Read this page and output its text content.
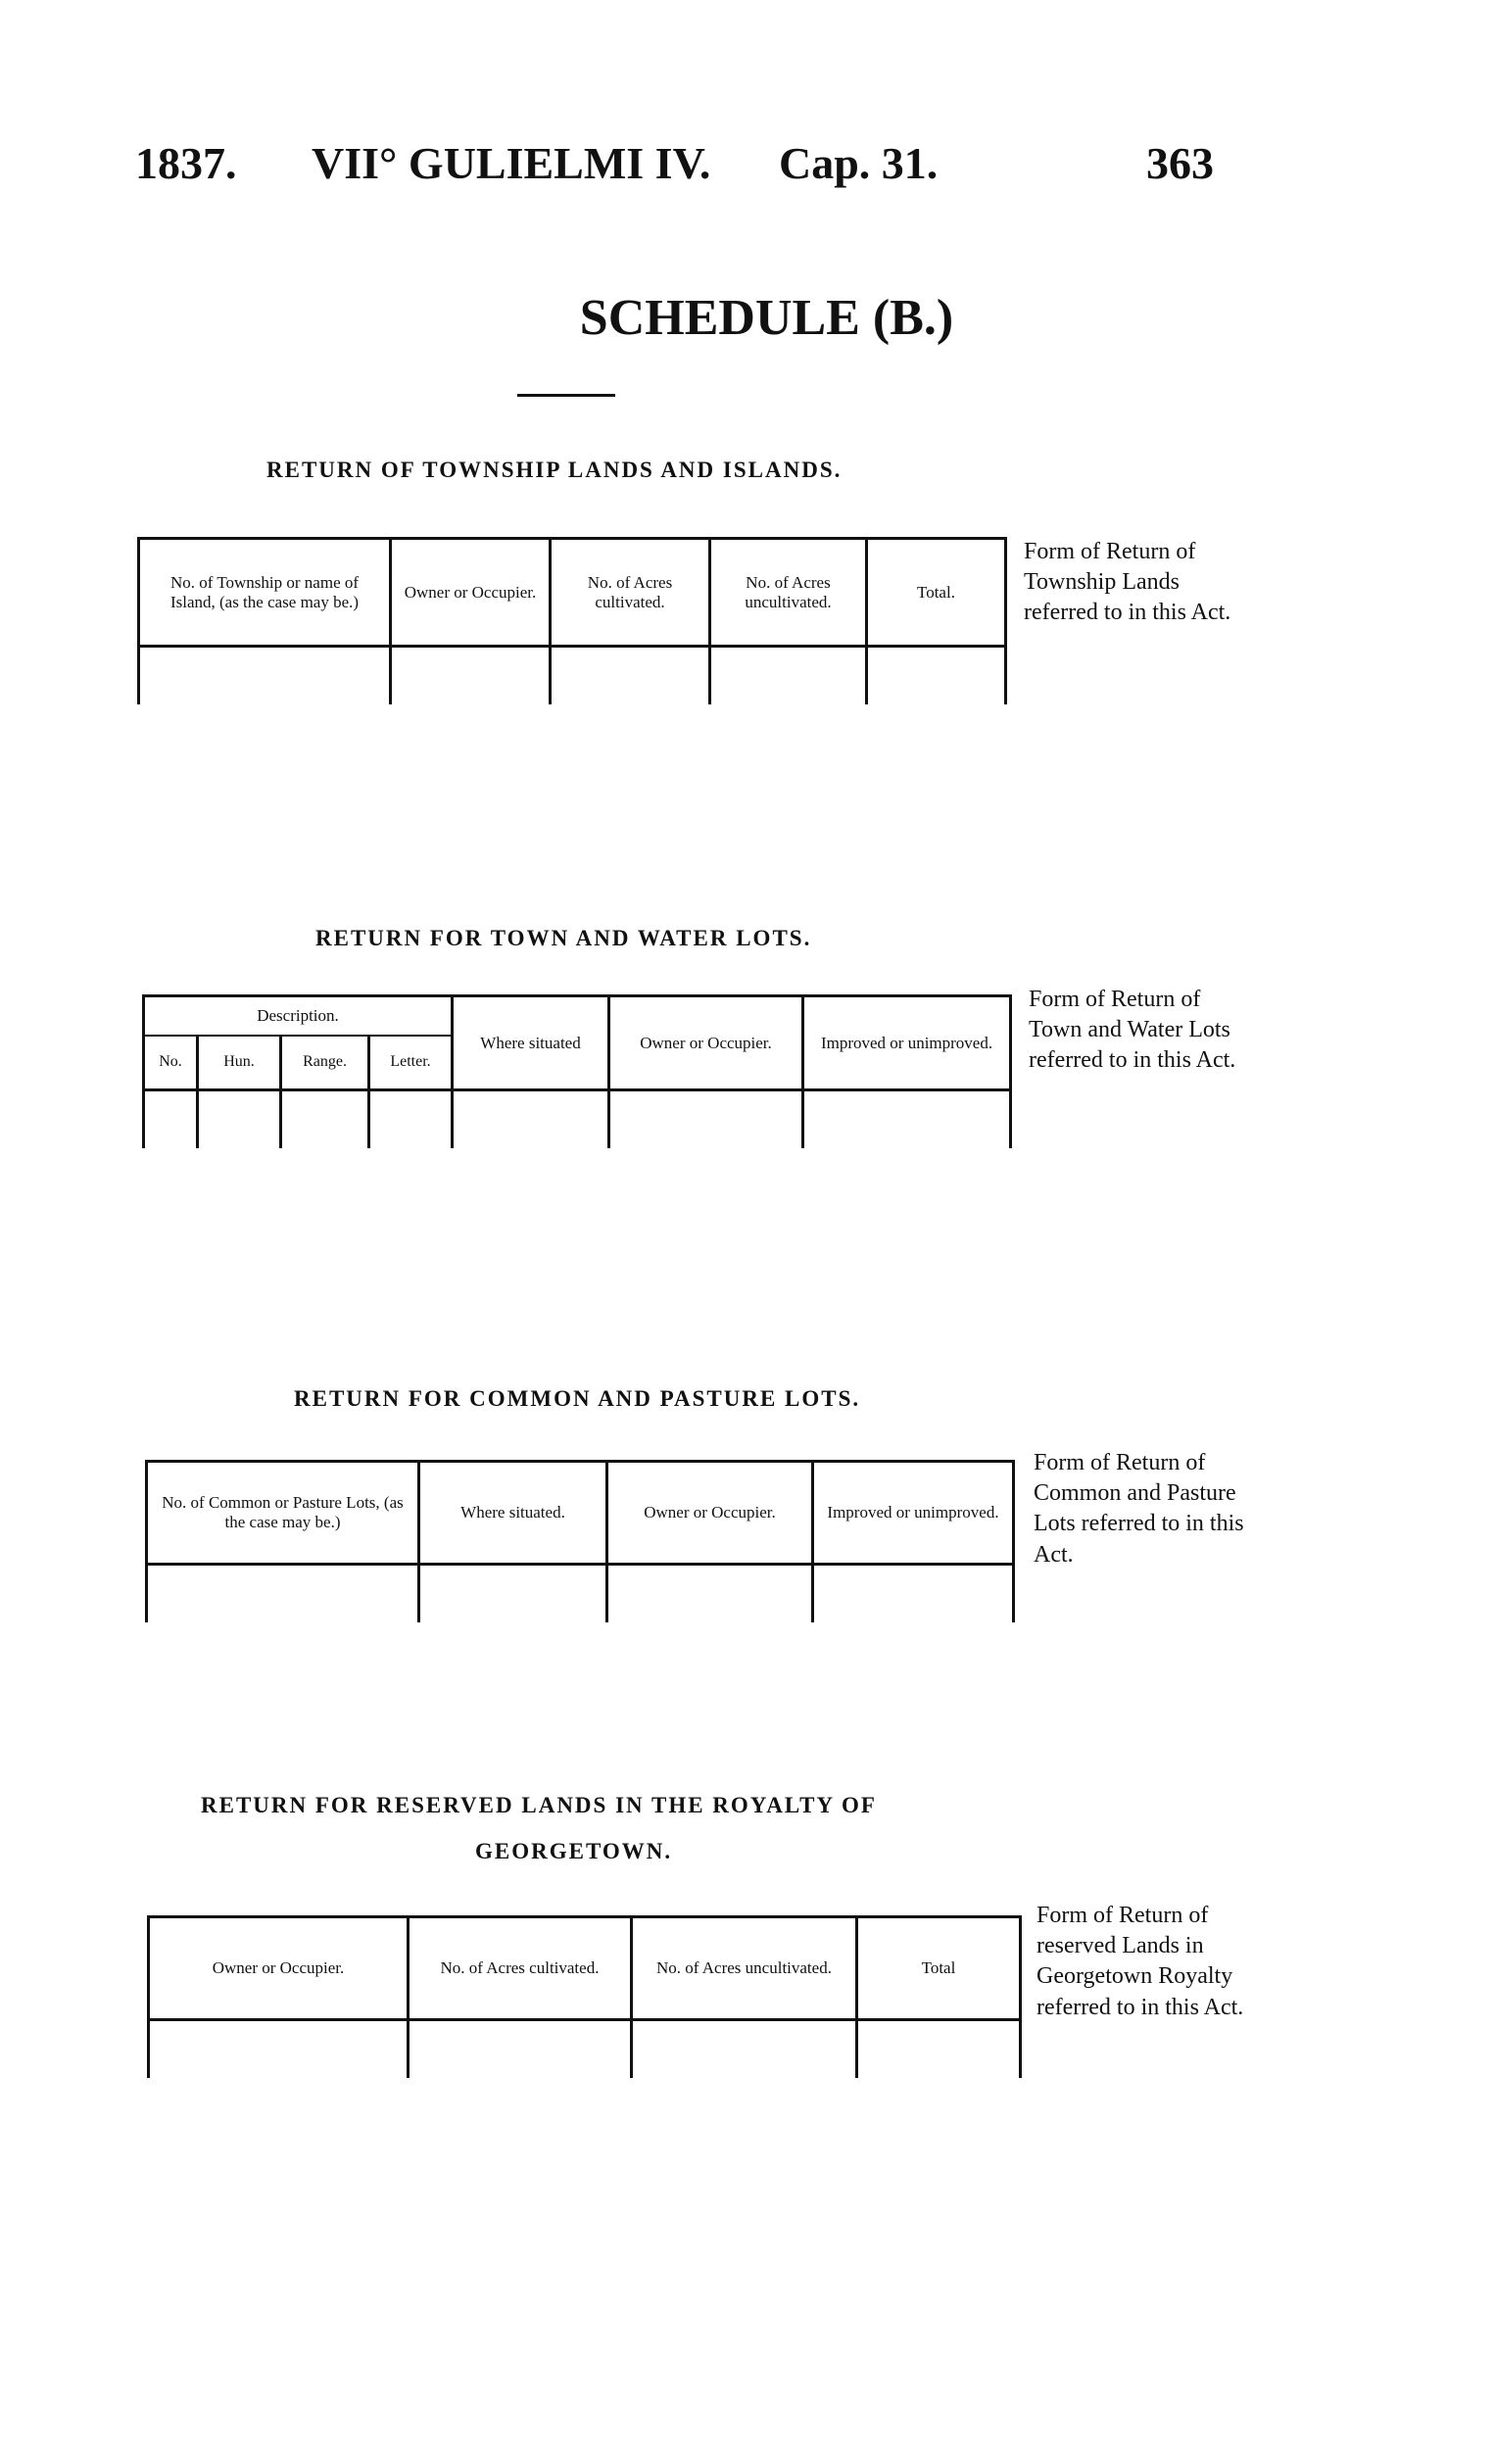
1837. VII° GULIELMI IV. Cap. 31.	363
SCHEDULE (B.)
RETURN OF TOWNSHIP LANDS AND ISLANDS.
No. of Township or name of Island, (as the case may be.)	Owner or Occupier.	No. of Acres cultivated.	No. of Acres uncultivated.	Total.

Form of Return of Township Lands referred to in this Act.
RETURN FOR TOWN AND WATER LOTS.
Description.				Where situated	Owner or Occupier.	Improved or unimproved.
No.	Hun.	Range.	Letter.			

Form of Return of Town and Water Lots referred to in this Act.
RETURN FOR COMMON AND PASTURE LOTS.
No. of Common or Pasture Lots, (as the case may be.)	Where situated.	Owner or Occupier.	Improved or unimproved.

Form of Return of Common and Pasture Lots referred to in this Act.
RETURN FOR RESERVED LANDS IN THE ROYALTY OF
GEORGETOWN.
Owner or Occupier.	No. of Acres cultivated.	No. of Acres uncultivated.	Total

Form of Return of reserved Lands in Georgetown Royalty referred to in this Act.
